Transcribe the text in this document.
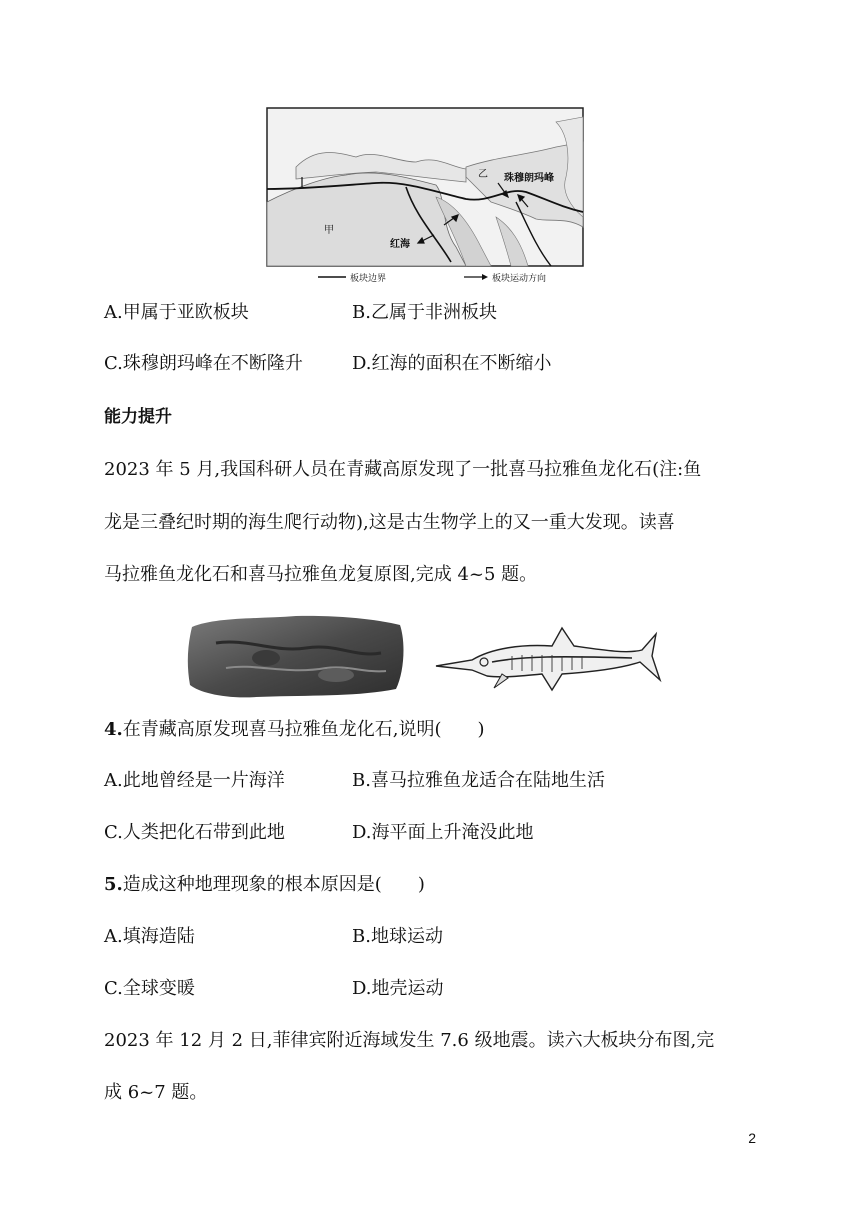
甲
乙 珠穆朗玛峰
红海
板块边界	板块运动方向
A.甲属于亚欧板块	B.乙属于非洲板块
C.珠穆朗玛峰在不断隆升	D.红海的面积在不断缩小
能力提升
2023 年 5 月,我国科研人员在青藏高原发现了一批喜马拉雅鱼龙化石(注:鱼
龙是三叠纪时期的海生爬行动物),这是古生物学上的又一重大发现。读喜
马拉雅鱼龙化石和喜马拉雅鱼龙复原图,完成 4~5 题。
4.在青藏高原发现喜马拉雅鱼龙化石,说明(　　)
A.此地曾经是一片海洋	B.喜马拉雅鱼龙适合在陆地生活
C.人类把化石带到此地	D.海平面上升淹没此地
5.造成这种地理现象的根本原因是(　　)
A.填海造陆	B.地球运动
C.全球变暖	D.地壳运动
2023 年 12 月 2 日,菲律宾附近海域发生 7.6 级地震。读六大板块分布图,完
成 6~7 题。
2
